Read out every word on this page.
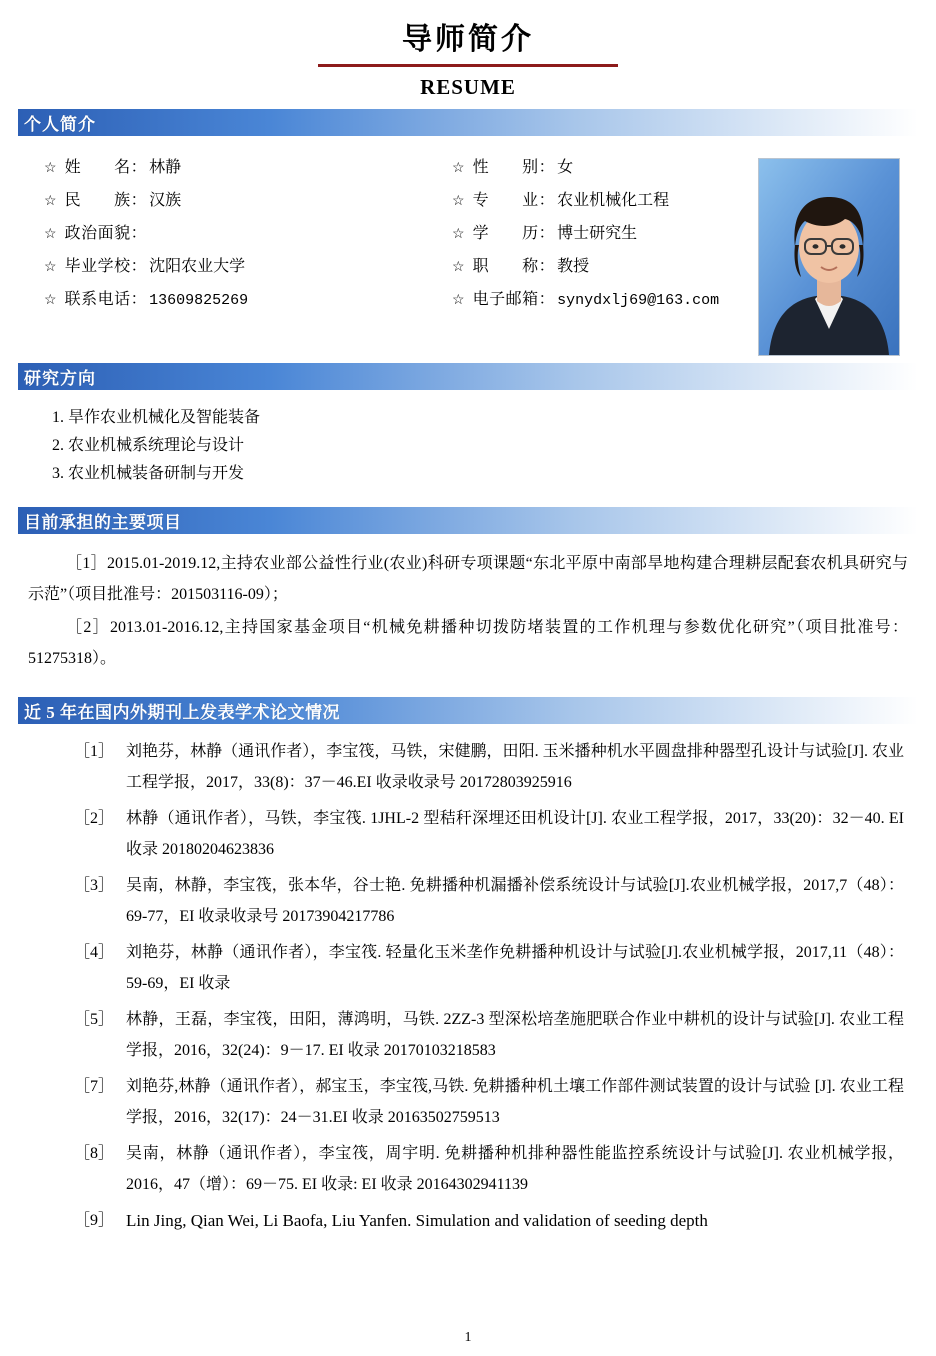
导师简介
RESUME
个人简介
☆ 姓　　名： 林静
☆ 民　　族： 汉族
☆ 政治面貌：
☆ 毕业学校： 沈阳农业大学
☆ 联系电话： 13609825269
☆ 性　　别： 女
☆ 专　　业： 农业机械化工程
☆ 学　　历： 博士研究生
☆ 职　　称： 教授
☆ 电子邮箱： synydxlj69@163.com
研究方向
1. 旱作农业机械化及智能装备
2. 农业机械系统理论与设计
3. 农业机械装备研制与开发
目前承担的主要项目

［1］2015.01-2019.12,主持农业部公益性行业(农业)科研专项课题“东北平原中南部旱地构建合理耕层配套农机具研究与示范”（项目批准号：201503116-09）；

［2］2013.01-2016.12,主持国家基金项目“机械免耕播种切拨防堵装置的工作机理与参数优化研究”（项目批准号：51275318）。

近 5 年在国内外期刊上发表学术论文情况
［1］ 刘艳芬，林静（通讯作者），李宝筏，马铁，宋健鹏，田阳. 玉米播种机水平圆盘排种器型孔设计与试验[J]. 农业工程学报，2017，33(8)：37－46.EI 收录收录号 20172803925916
［2］ 林静（通讯作者），马铁，李宝筏. 1JHL-2 型秸秆深埋还田机设计[J]. 农业工程学报，2017，33(20)：32－40. EI 收录 20180204623836
［3］ 吴南，林静，李宝筏，张本华，谷士艳. 免耕播种机漏播补偿系统设计与试验[J].农业机械学报，2017,7（48）：69-77，EI 收录收录号 20173904217786
［4］ 刘艳芬，林静（通讯作者），李宝筏. 轻量化玉米垄作免耕播种机设计与试验[J].农业机械学报，2017,11（48）：59-69，EI 收录
［5］ 林静，王磊，李宝筏，田阳，薄鸿明，马铁. 2ZZ-3 型深松培垄施肥联合作业中耕机的设计与试验[J]. 农业工程学报，2016，32(24)：9－17. EI 收录 20170103218583
［7］ 刘艳芬,林静（通讯作者），郝宝玉，李宝筏,马铁. 免耕播种机土壤工作部件测试装置的设计与试验 [J]. 农业工程学报，2016，32(17)：24－31.EI 收录 20163502759513
［8］ 吴南，林静（通讯作者），李宝筏，周宇明. 免耕播种机排种器性能监控系统设计与试验[J]. 农业机械学报，2016，47（增）：69－75. EI 收录: EI 收录 20164302941139
［9］ Lin Jing, Qian Wei, Li Baofa, Liu Yanfen. Simulation and validation of seeding depth
1
